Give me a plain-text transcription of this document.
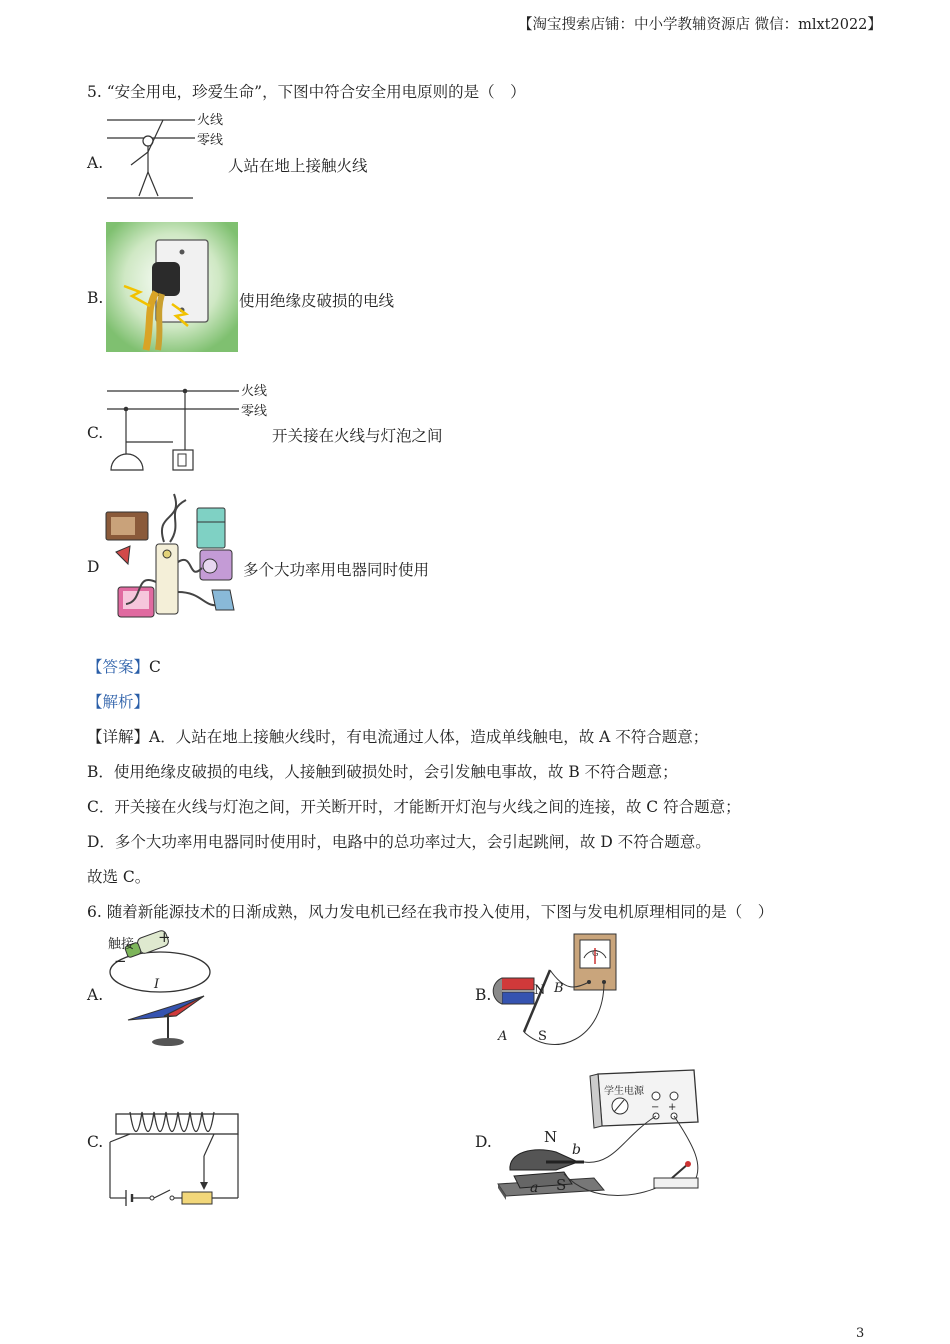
【淘宝搜索店铺：中小学教辅资源店 微信：mlxt2022】
5. “安全用电，珍爱生命”，下图中符合安全用电原则的是（　）
A.
火线
零线
人站在地上接触火线
B.	使用绝缘皮破损的电线
C.
火线
零线
开关接在火线与灯泡之间
D	多个大功率用电器同时使用
【答案】C
【解析】
【详解】A．人站在地上接触火线时，有电流通过人体，造成单线触电，故 A 不符合题意；
B．使用绝缘皮破损的电线，人接触到破损处时，会引发触电事故，故 B 不符合题意；
C．开关接在火线与灯泡之间，开关断开时，才能断开灯泡与火线之间的连接，故 C 符合题意；
D．多个大功率用电器同时使用时，电路中的总功率过大，会引起跳闸，故 D 不符合题意。
故选 C。
6. 随着新能源技术的日渐成熟，风力发电机已经在我市投入使用，下图与发电机原理相同的是（　）
A.
触接 +
−
I
B.
G
N B
A S
C.	D.
学生电源
− +
N
b
a S
3
